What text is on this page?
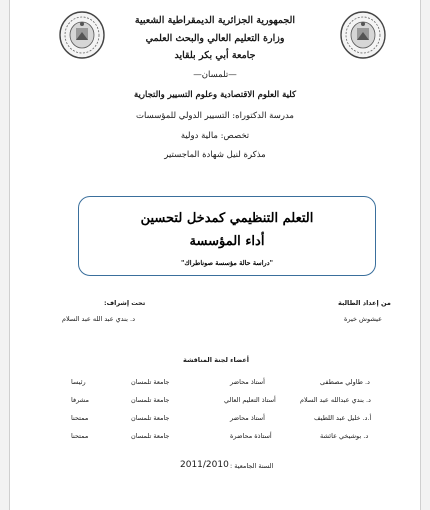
الجمهورية الجزائرية الديمقراطية الشعبية
وزارة التعليم العالي والبحث العلمي
جامعة أبي بكر بلقايد
—تلمسان—
كلية العلوم الاقتصادية وعلوم التسيير والتجارية
مدرسة الدكتوراه: التسيير الدولي للمؤسسات
تخصص: مالية دولية
مذكرة لنيل شهادة الماجستير
التعلم التنظيمي كمدخل لتحسين
أداء المؤسسة
"دراسة حالة مؤسسة صوناطراك"
من إعداد الطالبة
عيشوش خيرة
تحت إشراف:
د. بندي عبد الله عبد السلام
أعضاء لجنة المناقشة
د. طاولي مصطفى
أستاذ محاضر
جامعة تلمسان
رئيسا
د. بندي عبدالله عبد السلام
أستاذ التعليم العالي
جامعة تلمسان
مشرفا
أ.د. خليل عبد اللطيف
أستاذ محاضر
جامعة تلمسان
ممتحنا
د. بوشيخي عائشة
أستاذة محاضرة
جامعة تلمسان
ممتحنا
السنة الجامعية :
2011/2010
